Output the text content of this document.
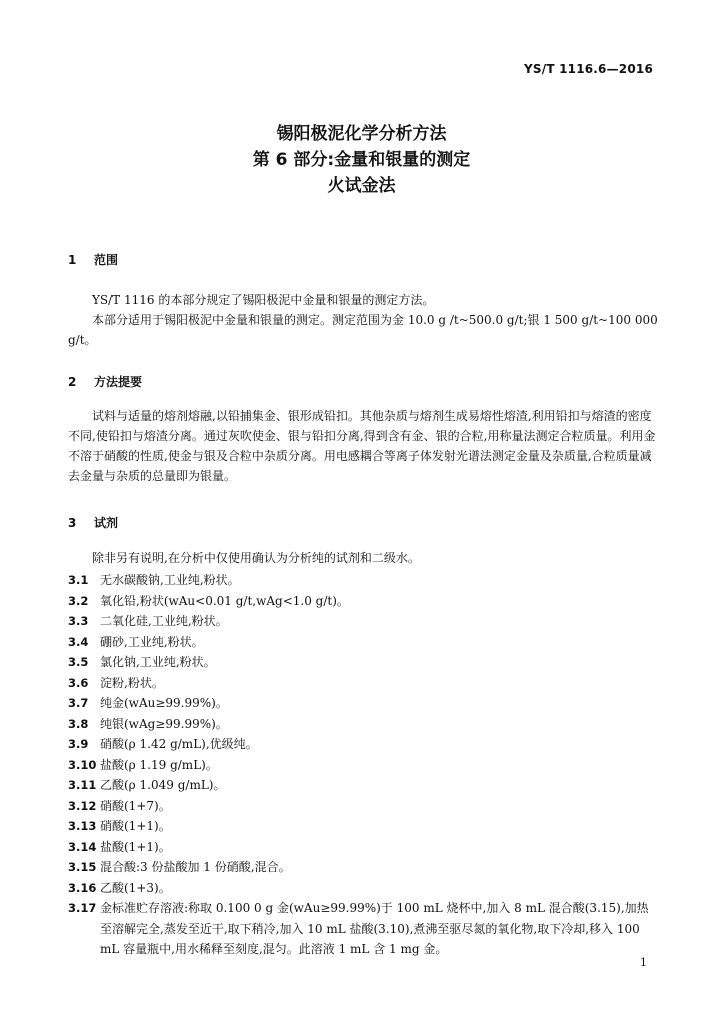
YS/T 1116.6—2016

锡阳极泥化学分析方法

第 6 部分:金量和银量的测定

火试金法

1 范围

YS/T 1116 的本部分规定了锡阳极泥中金量和银量的测定方法。

本部分适用于锡阳极泥中金量和银量的测定。测定范围为金 10.0 g /t~500.0 g/t;银 1 500 g/t~100 000 g/t。

2 方法提要

试料与适量的熔剂熔融,以铅捕集金、银形成铅扣。其他杂质与熔剂生成易熔性熔渣,利用铅扣与熔渣的密度不同,使铅扣与熔渣分离。通过灰吹使金、银与铅扣分离,得到含有金、银的合粒,用称量法测定合粒质量。利用金不溶于硝酸的性质,使金与银及合粒中杂质分离。用电感耦合等离子体发射光谱法测定金量及杂质量,合粒质量减去金量与杂质的总量即为银量。

3 试剂

除非另有说明,在分析中仅使用确认为分析纯的试剂和二级水。

3.1 无水碳酸钠,工业纯,粉状。
3.2 氧化铅,粉状(wAu<0.01 g/t,wAg<1.0 g/t)。
3.3 二氧化硅,工业纯,粉状。
3.4 硼砂,工业纯,粉状。
3.5 氯化钠,工业纯,粉状。
3.6 淀粉,粉状。
3.7 纯金(wAu≥99.99%)。
3.8 纯银(wAg≥99.99%)。
3.9 硝酸(ρ 1.42 g/mL),优级纯。
3.10 盐酸(ρ 1.19 g/mL)。
3.11 乙酸(ρ 1.049 g/mL)。
3.12 硝酸(1+7)。
3.13 硝酸(1+1)。
3.14 盐酸(1+1)。
3.15 混合酸:3 份盐酸加 1 份硝酸,混合。
3.16 乙酸(1+3)。
3.17 金标准贮存溶液:称取 0.100 0 g 金(wAu≥99.99%)于 100 mL 烧杯中,加入 8 mL 混合酸(3.15),加热至溶解完全,蒸发至近干,取下稍冷,加入 10 mL 盐酸(3.10),煮沸至驱尽氮的氧化物,取下冷却,移入 100 mL 容量瓶中,用水稀释至刻度,混匀。此溶液 1 mL 含 1 mg 金。
1
